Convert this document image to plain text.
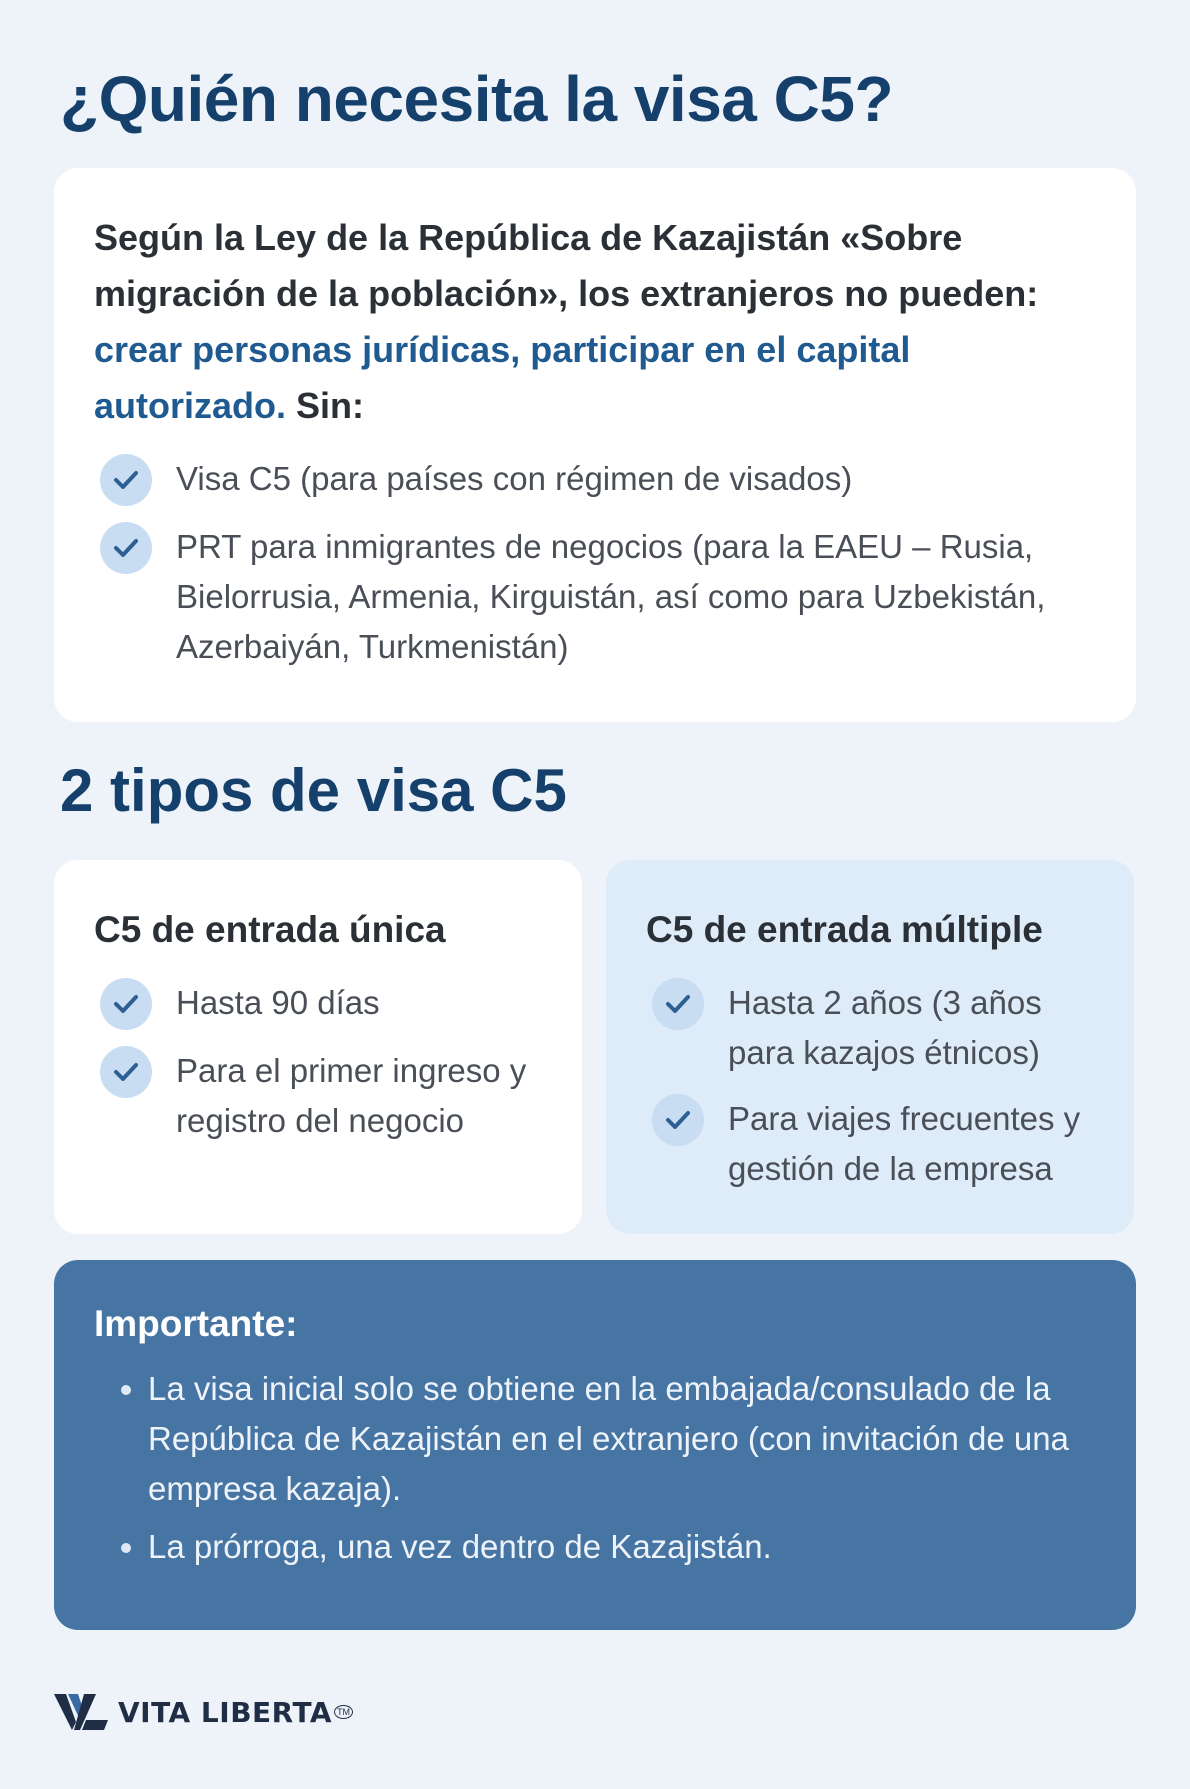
¿Quién necesita la visa C5?

Según la Ley de la República de Kazajistán «Sobre migración de la población», los extranjeros no pueden: crear personas jurídicas, participar en el capital autorizado. Sin:

Visa C5 (para países con régimen de visados)
PRT para inmigrantes de negocios (para la EAEU – Rusia, Bielorrusia, Armenia, Kirguistán, así como para Uzbekistán, Azerbaiyán, Turkmenistán)
2 tipos de visa C5
C5 de entrada única
Hasta 90 días
Para el primer ingreso y registro del negocio
C5 de entrada múltiple
Hasta 2 años (3 años para kazajos étnicos)
Para viajes frecuentes y gestión de la empresa
Importante:
• La visa inicial solo se obtiene en la embajada/consulado de la República de Kazajistán en el extranjero (con invitación de una empresa kazaja).
• La prórroga, una vez dentro de Kazajistán.
VITA LIBERTA TM
